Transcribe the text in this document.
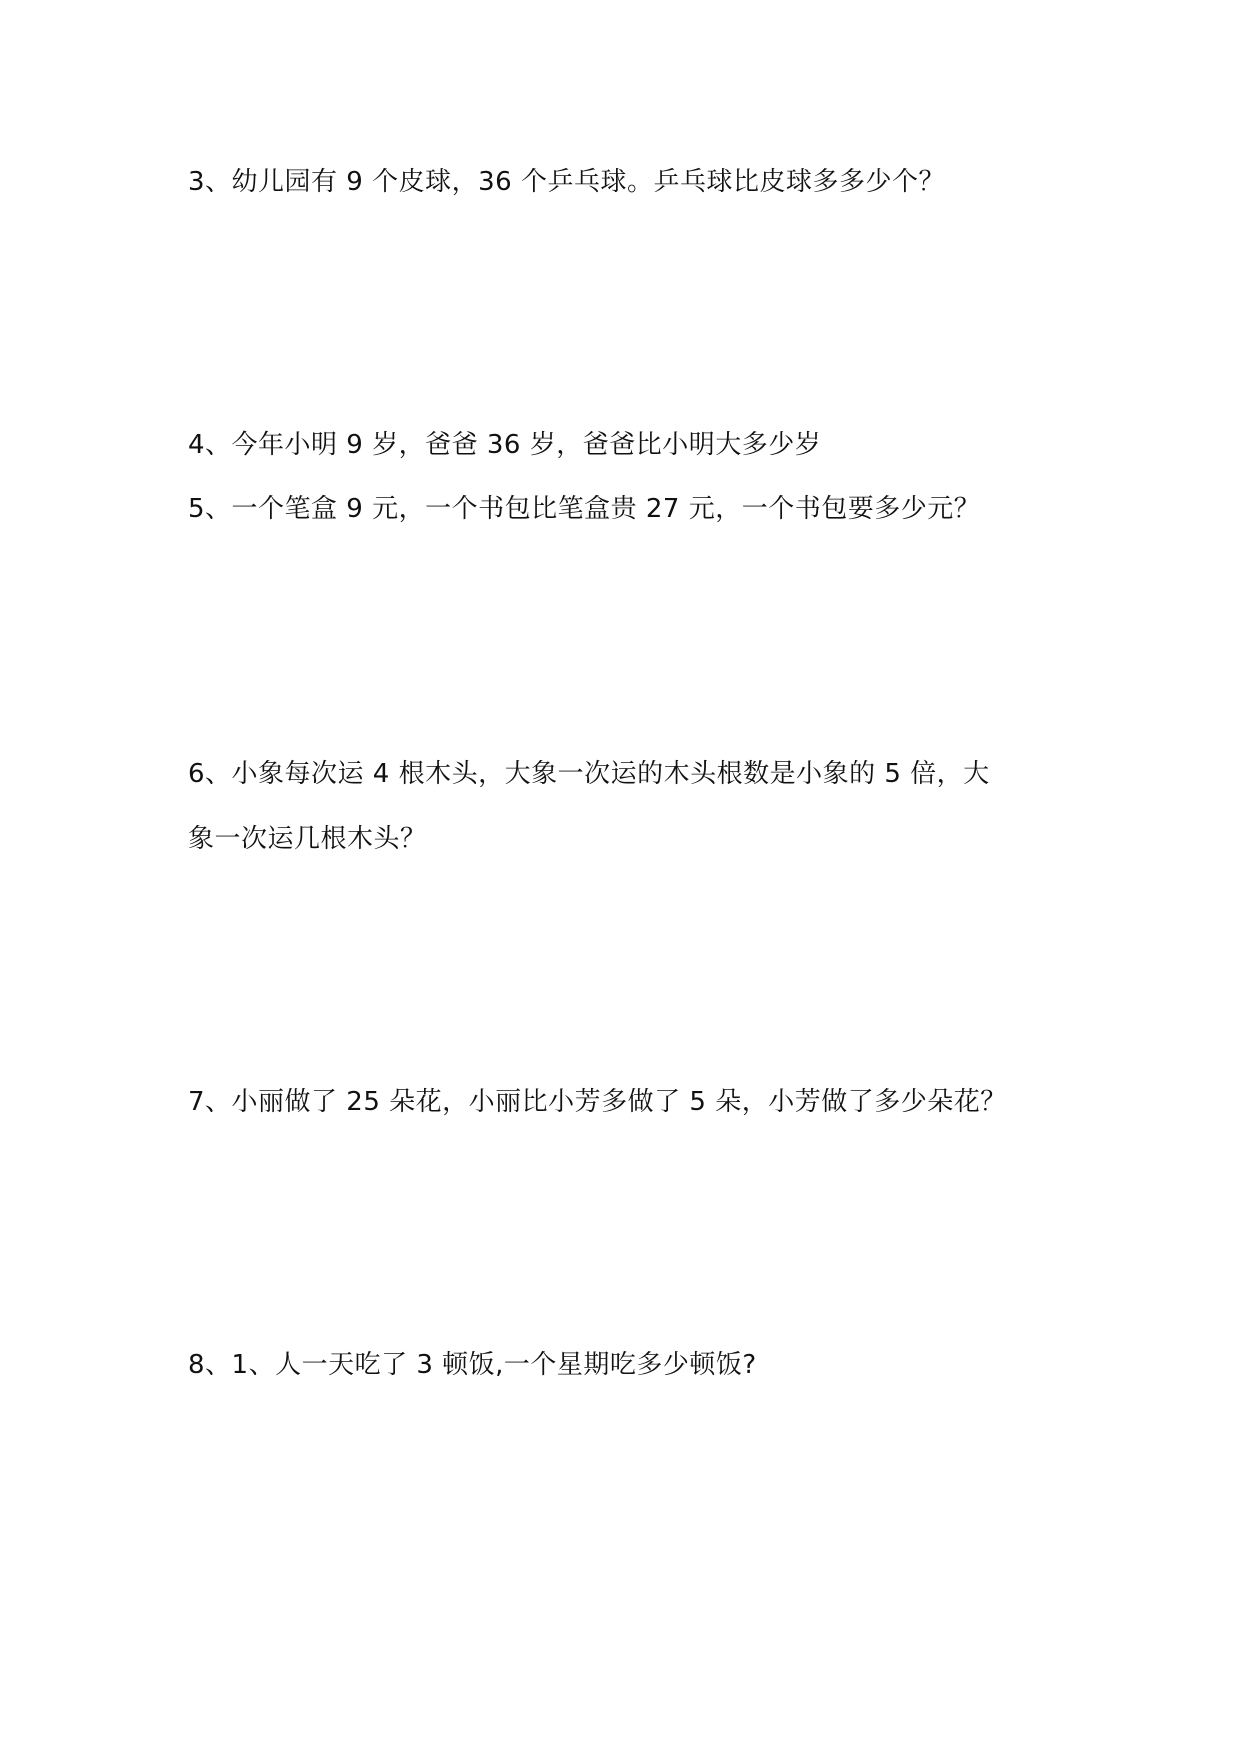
3、幼儿园有 9 个皮球，36 个乒乓球。乒乓球比皮球多多少个？
4、今年小明 9 岁，爸爸 36 岁，爸爸比小明大多少岁
5、一个笔盒 9 元，一个书包比笔盒贵 27 元，一个书包要多少元？
6、小象每次运 4 根木头，大象一次运的木头根数是小象的 5 倍，大
象一次运几根木头？
7、小丽做了 25 朵花，小丽比小芳多做了 5 朵，小芳做了多少朵花？
8、1、人一天吃了 3 顿饭,一个星期吃多少顿饭?
